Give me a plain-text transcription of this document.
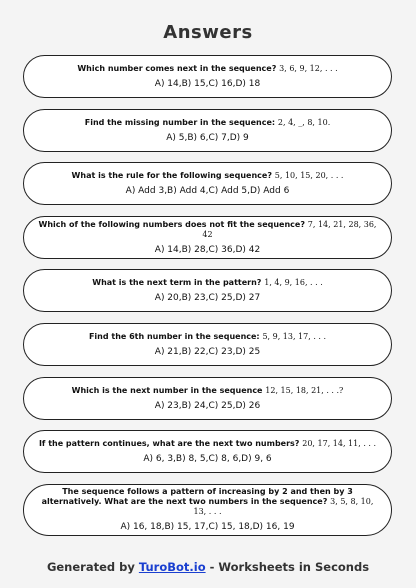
Answers
Which number comes next in the sequence? 3, 6, 9, 12, . . .
A) 14,B) 15,C) 16,D) 18
Find the missing number in the sequence: 2, 4, _, 8, 10.
A) 5,B) 6,C) 7,D) 9
What is the rule for the following sequence? 5, 10, 15, 20, . . .
A) Add 3,B) Add 4,C) Add 5,D) Add 6
Which of the following numbers does not fit the sequence? 7, 14, 21, 28, 36, 42
A) 14,B) 28,C) 36,D) 42
What is the next term in the pattern? 1, 4, 9, 16, . . .
A) 20,B) 23,C) 25,D) 27
Find the 6th number in the sequence: 5, 9, 13, 17, . . .
A) 21,B) 22,C) 23,D) 25
Which is the next number in the sequence 12, 15, 18, 21, . . .?
A) 23,B) 24,C) 25,D) 26
If the pattern continues, what are the next two numbers? 20, 17, 14, 11, . . .
A) 6, 3,B) 8, 5,C) 8, 6,D) 9, 6
The sequence follows a pattern of increasing by 2 and then by 3 alternatively. What are the next two numbers in the sequence? 3, 5, 8, 10, 13, . . .
A) 16, 18,B) 15, 17,C) 15, 18,D) 16, 19
Generated by TuroBot.io - Worksheets in Seconds
